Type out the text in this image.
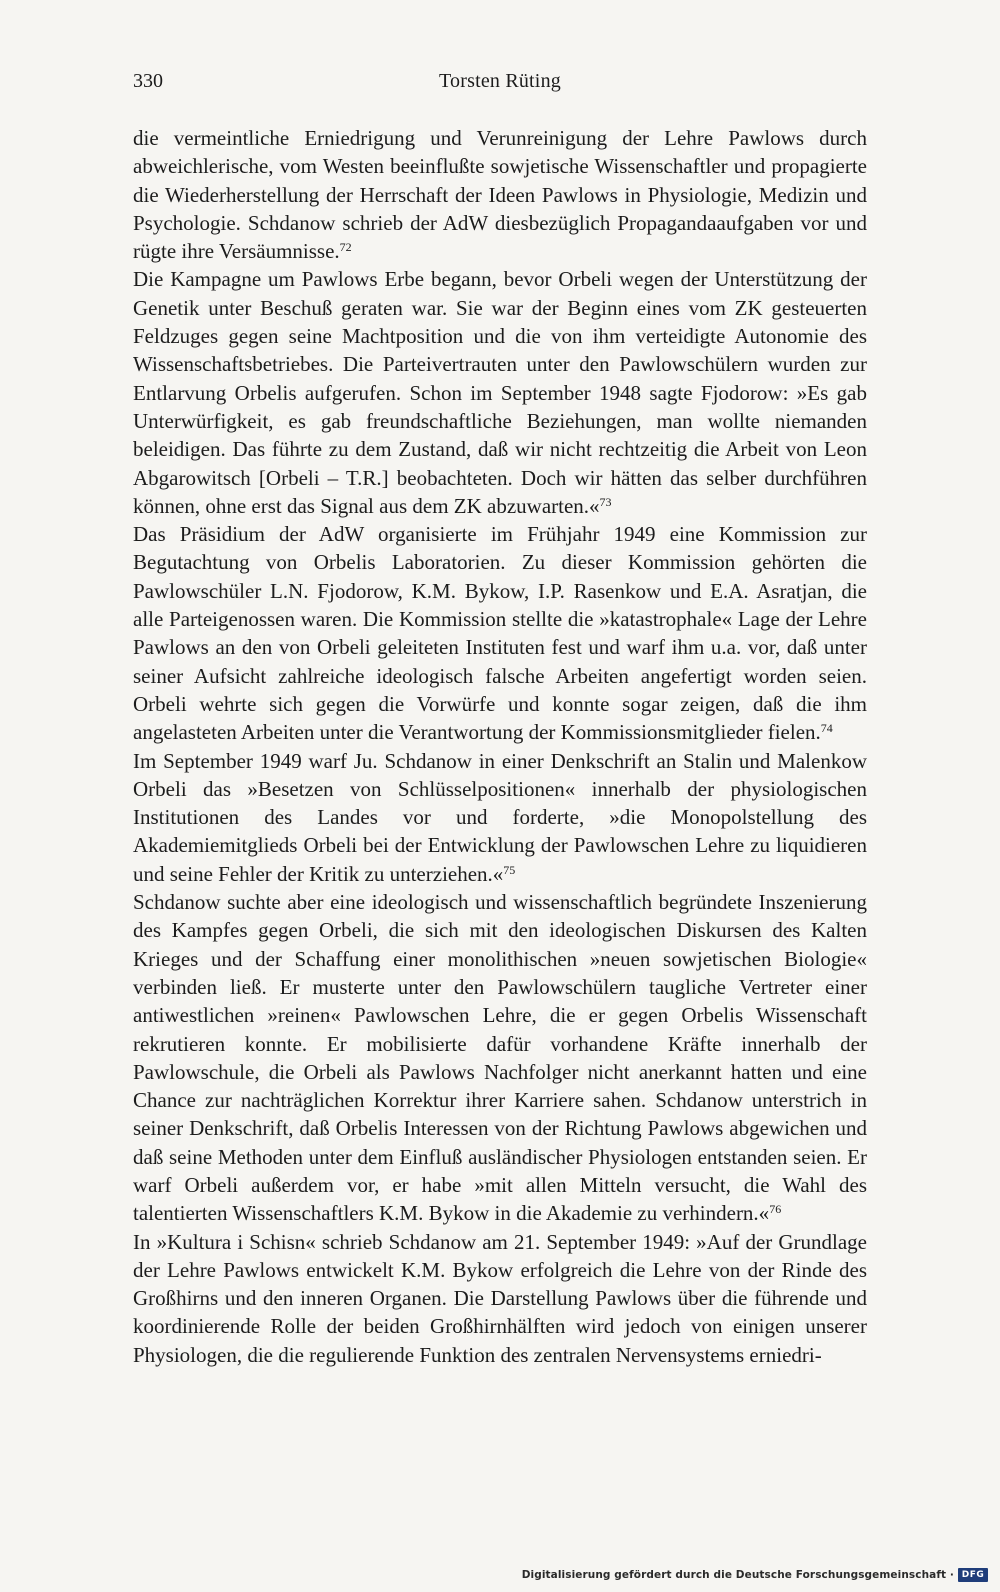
330	Torsten Rüting

die vermeintliche Erniedrigung und Verunreinigung der Lehre Pawlows durch abweichlerische, vom Westen beeinflußte sowjetische Wissenschaftler und propagierte die Wiederherstellung der Herrschaft der Ideen Pawlows in Physiologie, Medizin und Psychologie. Schdanow schrieb der AdW diesbezüglich Propagandaaufgaben vor und rügte ihre Versäumnisse.$^{72}$

Die Kampagne um Pawlows Erbe begann, bevor Orbeli wegen der Unterstützung der Genetik unter Beschuß geraten war. Sie war der Beginn eines vom ZK gesteuerten Feldzuges gegen seine Machtposition und die von ihm verteidigte Autonomie des Wissenschaftsbetriebes. Die Parteivertrauten unter den Pawlowschülern wurden zur Entlarvung Orbelis aufgerufen. Schon im September 1948 sagte Fjodorow: »Es gab Unterwürfigkeit, es gab freundschaftliche Beziehungen, man wollte niemanden beleidigen. Das führte zu dem Zustand, daß wir nicht rechtzeitig die Arbeit von Leon Abgarowitsch [Orbeli – T.R.] beobachteten. Doch wir hätten das selber durchführen können, ohne erst das Signal aus dem ZK abzuwarten.«$^{73}$

Das Präsidium der AdW organisierte im Frühjahr 1949 eine Kommission zur Begutachtung von Orbelis Laboratorien. Zu dieser Kommission gehörten die Pawlowschüler L.N. Fjodorow, K.M. Bykow, I.P. Rasenkow und E.A. Asratjan, die alle Parteigenossen waren. Die Kommission stellte die »katastrophale« Lage der Lehre Pawlows an den von Orbeli geleiteten Instituten fest und warf ihm u.a. vor, daß unter seiner Aufsicht zahlreiche ideologisch falsche Arbeiten angefertigt worden seien. Orbeli wehrte sich gegen die Vorwürfe und konnte sogar zeigen, daß die ihm angelasteten Arbeiten unter die Verantwortung der Kommissionsmitglieder fielen.$^{74}$

Im September 1949 warf Ju. Schdanow in einer Denkschrift an Stalin und Malenkow Orbeli das »Besetzen von Schlüsselpositionen« innerhalb der physiologischen Institutionen des Landes vor und forderte, »die Monopolstellung des Akademiemitglieds Orbeli bei der Entwicklung der Pawlowschen Lehre zu liquidieren und seine Fehler der Kritik zu unterziehen.«$^{75}$

Schdanow suchte aber eine ideologisch und wissenschaftlich begründete Inszenierung des Kampfes gegen Orbeli, die sich mit den ideologischen Diskursen des Kalten Krieges und der Schaffung einer monolithischen »neuen sowjetischen Biologie« verbinden ließ. Er musterte unter den Pawlowschülern taugliche Vertreter einer antiwestlichen »reinen« Pawlowschen Lehre, die er gegen Orbelis Wissenschaft rekrutieren konnte. Er mobilisierte dafür vorhandene Kräfte innerhalb der Pawlowschule, die Orbeli als Pawlows Nachfolger nicht anerkannt hatten und eine Chance zur nachträglichen Korrektur ihrer Karriere sahen. Schdanow unterstrich in seiner Denkschrift, daß Orbelis Interessen von der Richtung Pawlows abgewichen und daß seine Methoden unter dem Einfluß ausländischer Physiologen entstanden seien. Er warf Orbeli außerdem vor, er habe »mit allen Mitteln versucht, die Wahl des talentierten Wissenschaftlers K.M. Bykow in die Akademie zu verhindern.«$^{76}$

In »Kultura i Schisn« schrieb Schdanow am 21. September 1949: »Auf der Grundlage der Lehre Pawlows entwickelt K.M. Bykow erfolgreich die Lehre von der Rinde des Großhirns und den inneren Organen. Die Darstellung Pawlows über die führende und koordinierende Rolle der beiden Großhirnhälften wird jedoch von einigen unserer Physiologen, die die regulierende Funktion des zentralen Nervensystems erniedri-

Digitalisierung gefördert durch die Deutsche Forschungsgemeinschaft · DFG
